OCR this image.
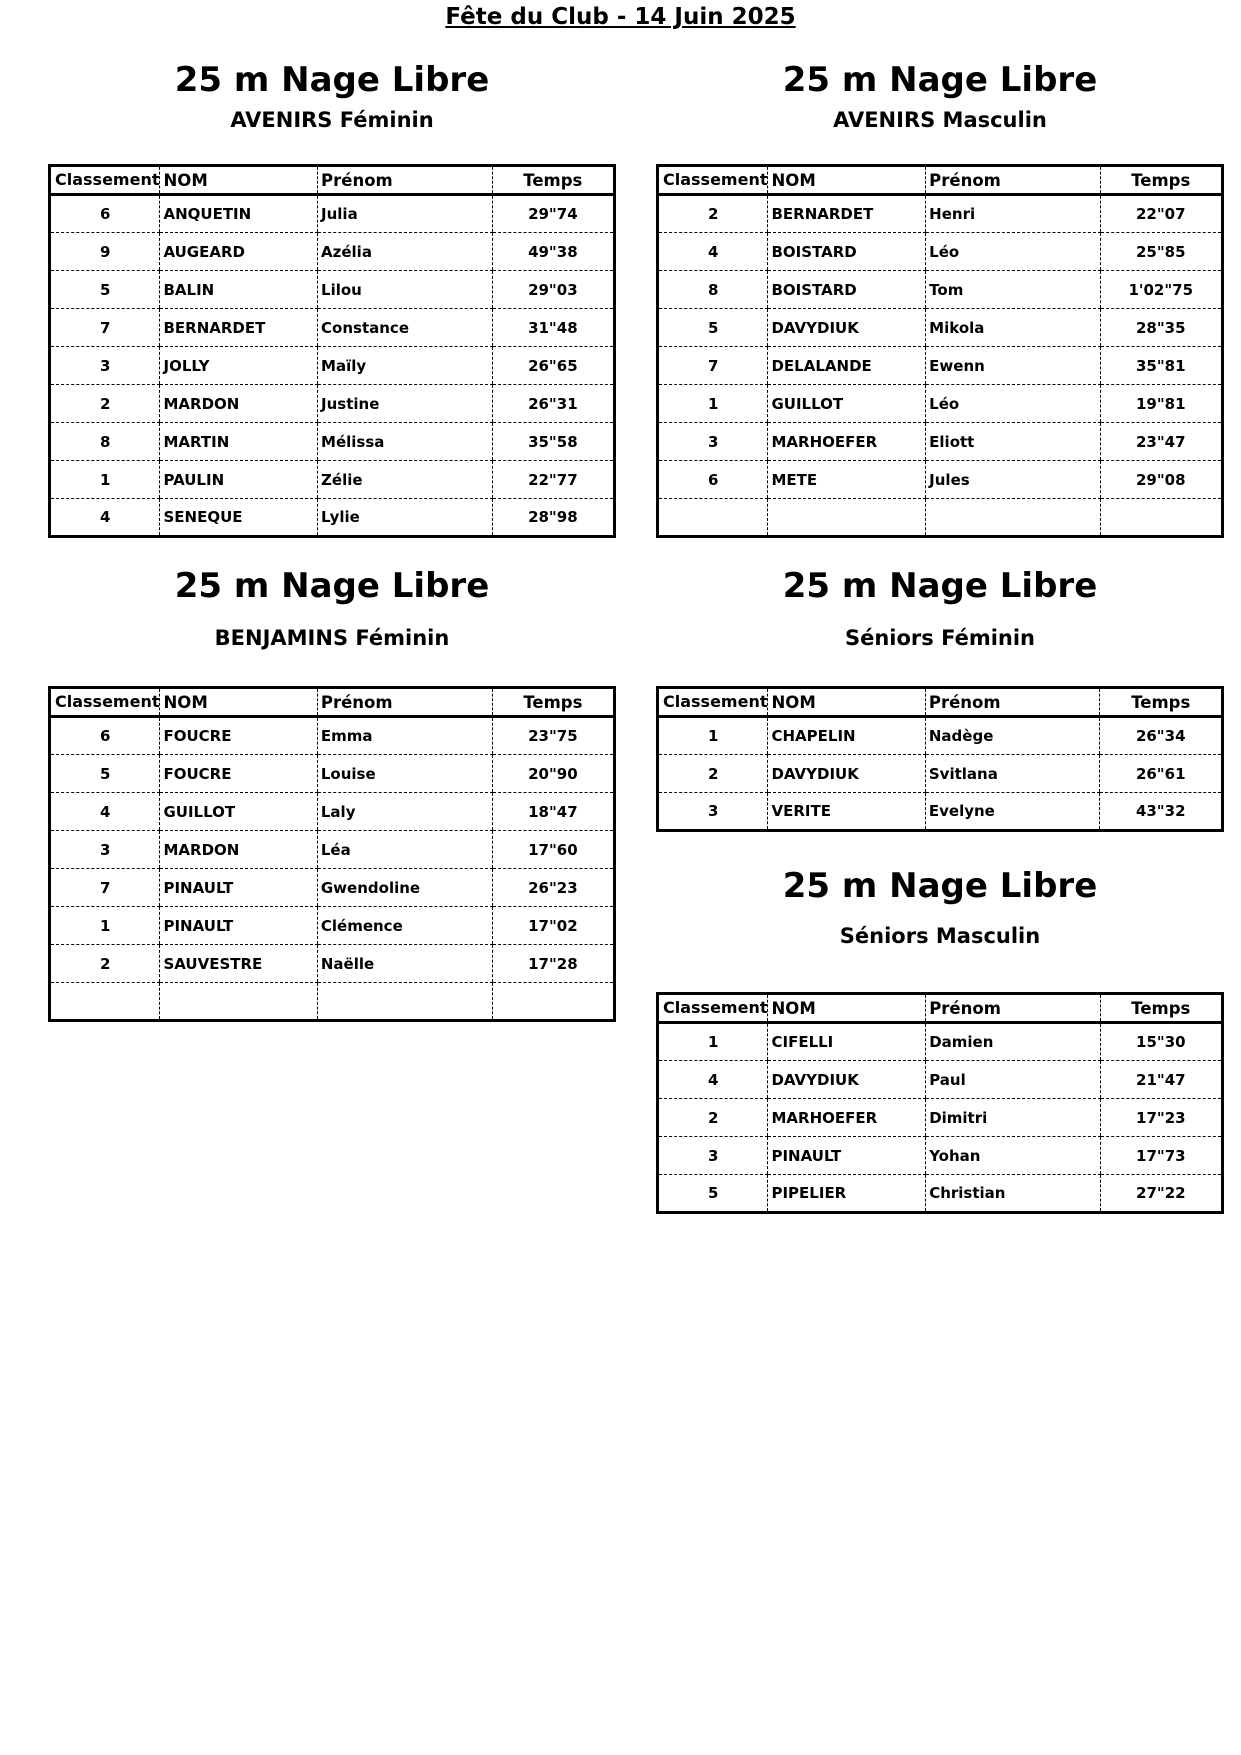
Fête du Club - 14 Juin 2025
25 m Nage Libre
AVENIRS Féminin
Classement	NOM	Prénom	Temps
6	ANQUETIN	Julia	29"74
9	AUGEARD	Azélia	49"38
5	BALIN	Lilou	29"03
7	BERNARDET	Constance	31"48
3	JOLLY	Maïly	26"65
2	MARDON	Justine	26"31
8	MARTIN	Mélissa	35"58
1	PAULIN	Zélie	22"77
4	SENEQUE	Lylie	28"98
25 m Nage Libre
AVENIRS Masculin
Classement	NOM	Prénom	Temps
2	BERNARDET	Henri	22"07
4	BOISTARD	Léo	25"85
8	BOISTARD	Tom	1'02"75
5	DAVYDIUK	Mikola	28"35
7	DELALANDE	Ewenn	35"81
1	GUILLOT	Léo	19"81
3	MARHOEFER	Eliott	23"47
6	METE	Jules	29"08

25 m Nage Libre
BENJAMINS Féminin
Classement	NOM	Prénom	Temps
6	FOUCRE	Emma	23"75
5	FOUCRE	Louise	20"90
4	GUILLOT	Laly	18"47
3	MARDON	Léa	17"60
7	PINAULT	Gwendoline	26"23
1	PINAULT	Clémence	17"02
2	SAUVESTRE	Naëlle	17"28

25 m Nage Libre
Séniors Féminin
Classement	NOM	Prénom	Temps
1	CHAPELIN	Nadège	26"34
2	DAVYDIUK	Svitlana	26"61
3	VERITE	Evelyne	43"32
25 m Nage Libre
Séniors Masculin
Classement	NOM	Prénom	Temps
1	CIFELLI	Damien	15"30
4	DAVYDIUK	Paul	21"47
2	MARHOEFER	Dimitri	17"23
3	PINAULT	Yohan	17"73
5	PIPELIER	Christian	27"22
